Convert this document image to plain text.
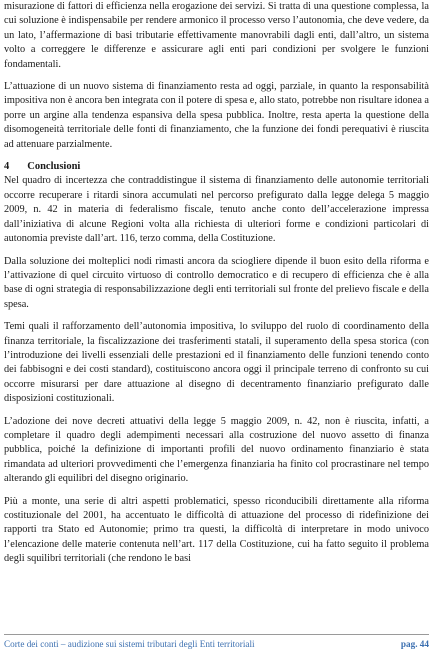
misurazione di fattori di efficienza nella erogazione dei servizi. Si tratta di una questione complessa, la cui soluzione è indispensabile per rendere armonico il processo verso l’autonomia, che deve vedere, da un lato, l’affermazione di basi tributarie effettivamente manovrabili dagli enti, dall’altro, un sistema volto a correggere le differenze e assicurare agli enti pari condizioni per svolgere le funzioni fondamentali.

L’attuazione di un nuovo sistema di finanziamento resta ad oggi, parziale, in quanto la responsabilità impositiva non è ancora ben integrata con il potere di spesa e, allo stato, potrebbe non risultare idonea a porre un argine alla tendenza espansiva della spesa pubblica. Inoltre, resta aperta la questione della disomogeneità territoriale delle fonti di finanziamento, che la funzione dei fondi perequativi è riuscita ad attenuare parzialmente.

4 Conclusioni

Nel quadro di incertezza che contraddistingue il sistema di finanziamento delle autonomie territoriali occorre recuperare i ritardi sinora accumulati nel percorso prefigurato dalla legge delega 5 maggio 2009, n. 42 in materia di federalismo fiscale, tenuto anche conto dell’accelerazione impressa dall’iniziativa di alcune Regioni volta alla richiesta di ulteriori forme e condizioni particolari di autonomia previste dall’art. 116, terzo comma, della Costituzione.

Dalla soluzione dei molteplici nodi rimasti ancora da sciogliere dipende il buon esito della riforma e l’attivazione di quel circuito virtuoso di controllo democratico e di recupero di efficienza che è alla base di ogni strategia di responsabilizzazione degli enti territoriali sul fronte del prelievo fiscale e della spesa.

Temi quali il rafforzamento dell’autonomia impositiva, lo sviluppo del ruolo di coordinamento della finanza territoriale, la fiscalizzazione dei trasferimenti statali, il superamento della spesa storica (con l’introduzione dei livelli essenziali delle prestazioni ed il finanziamento delle funzioni tenendo conto dei fabbisogni e dei costi standard), costituiscono ancora oggi il principale terreno di confronto su cui occorre misurarsi per dare attuazione al disegno di decentramento finanziario prefigurato dalle disposizioni costituzionali.

L’adozione dei nove decreti attuativi della legge 5 maggio 2009, n. 42, non è riuscita, infatti, a completare il quadro degli adempimenti necessari alla costruzione del nuovo assetto di finanza pubblica, poiché la definizione di importanti profili del nuovo ordinamento finanziario è stata rimandata ad ulteriori provvedimenti che l’emergenza finanziaria ha finito col procrastinare nel tempo alterando gli equilibri del disegno originario.

Più a monte, una serie di altri aspetti problematici, spesso riconducibili direttamente alla riforma costituzionale del 2001, ha accentuato le difficoltà di attuazione del processo di ridefinizione dei rapporti tra Stato ed Autonomie; primo tra questi, la difficoltà di interpretare in modo univoco l’elencazione delle materie contenuta nell’art. 117 della Costituzione, cui ha fatto seguito il problema degli squilibri territoriali (che rendono le basi

Corte dei conti – audizione sui sistemi tributari degli Enti territoriali	pag. 44
